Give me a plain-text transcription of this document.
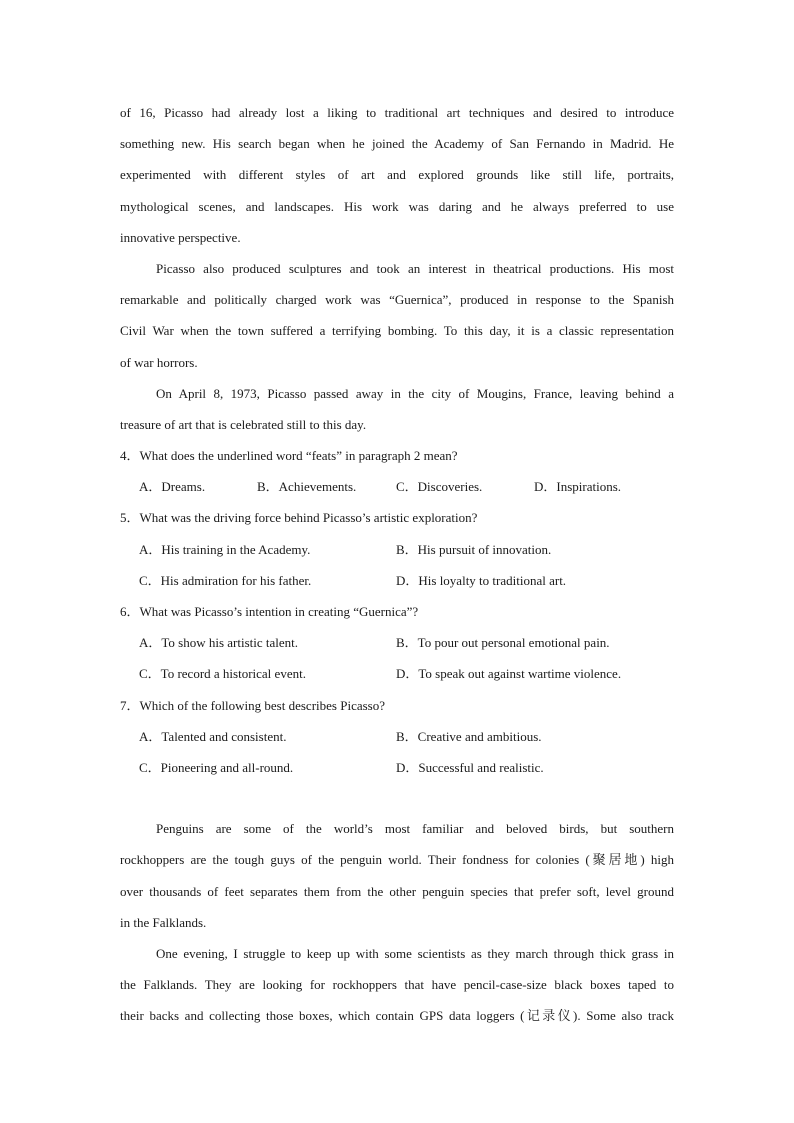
of 16, Picasso had already lost a liking to traditional art techniques and desired to introduce
something new. His search began when he joined the Academy of San Fernando in Madrid. He
experimented with different styles of art and explored grounds like still life, portraits,
mythological scenes, and landscapes. His work was daring and he always preferred to use
innovative perspective.
Picasso also produced sculptures and took an interest in theatrical productions. His most
remarkable and politically charged work was “Guernica”, produced in response to the Spanish
Civil War when the town suffered a terrifying bombing. To this day, it is a classic representation
of war horrors.
On April 8, 1973, Picasso passed away in the city of Mougins, France, leaving behind a
treasure of art that is celebrated still to this day.
4．What does the underlined word “feats” in paragraph 2 mean?
A．Dreams.	B．Achievements.	C．Discoveries.	D．Inspirations.
5．What was the driving force behind Picasso’s artistic exploration?
A．His training in the Academy.	B．His pursuit of innovation.
C．His admiration for his father.	D．His loyalty to traditional art.
6．What was Picasso’s intention in creating “Guernica”?
A．To show his artistic talent.	B．To pour out personal emotional pain.
C．To record a historical event.	D．To speak out against wartime violence.
7．Which of the following best describes Picasso?
A．Talented and consistent.	B．Creative and ambitious.
C．Pioneering and all-round.	D．Successful and realistic.
Penguins are some of the world’s most familiar and beloved birds, but southern
rockhoppers are the tough guys of the penguin world. Their fondness for colonies (聚居地) high
over thousands of feet separates them from the other penguin species that prefer soft, level ground
in the Falklands.
One evening, I struggle to keep up with some scientists as they march through thick grass in
the Falklands. They are looking for rockhoppers that have pencil-case-size black boxes taped to
their backs and collecting those boxes, which contain GPS data loggers (记录仪). Some also track
